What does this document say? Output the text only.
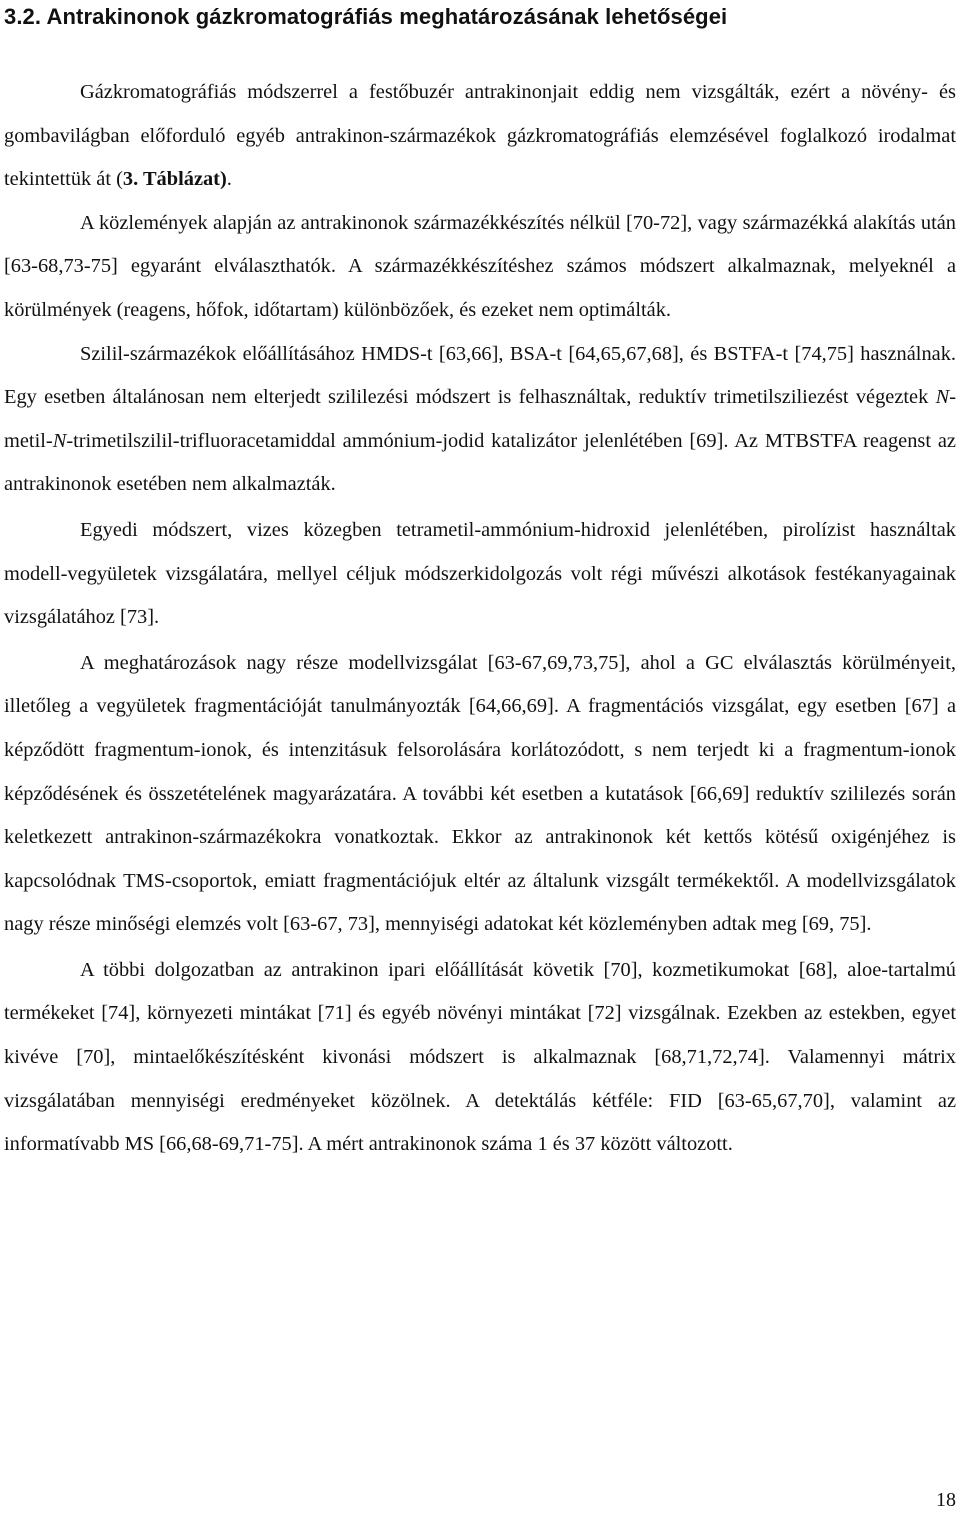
3.2. Antrakinonok gázkromatográfiás meghatározásának lehetőségei

Gázkromatográfiás módszerrel a festőbuzér antrakinonjait eddig nem vizsgálták, ezért a növény- és gombavilágban előforduló egyéb antrakinon-származékok gázkromatográfiás elemzésével foglalkozó irodalmat tekintettük át (3. Táblázat).

A közlemények alapján az antrakinonok származékkészítés nélkül [70-72], vagy származékká alakítás után [63-68,73-75] egyaránt elválaszthatók. A származékkészítéshez számos módszert alkalmaznak, melyeknél a körülmények (reagens, hőfok, időtartam) különbözőek, és ezeket nem optimálták.

Szilil-származékok előállításához HMDS-t [63,66], BSA-t [64,65,67,68], és BSTFA-t [74,75] használnak. Egy esetben általánosan nem elterjedt szililezési módszert is felhasználtak, reduktív trimetilsziliezést végeztek N-metil-N-trimetilszilil-trifluoracetamiddal ammónium-jodid katalizátor jelenlétében [69]. Az MTBSTFA reagenst az antrakinonok esetében nem alkalmazták.

Egyedi módszert, vizes közegben tetrametil-ammónium-hidroxid jelenlétében, pirolízist használtak modell-vegyületek vizsgálatára, mellyel céljuk módszerkidolgozás volt régi művészi alkotások festékanyagainak vizsgálatához [73].

A meghatározások nagy része modellvizsgálat [63-67,69,73,75], ahol a GC elválasztás körülményeit, illetőleg a vegyületek fragmentációját tanulmányozták [64,66,69]. A fragmentációs vizsgálat, egy esetben [67] a képződött fragmentum-ionok, és intenzitásuk felsorolására korlátozódott, s nem terjedt ki a fragmentum-ionok képződésének és összetételének magyarázatára. A további két esetben a kutatások [66,69] reduktív szililezés során keletkezett antrakinon-származékokra vonatkoztak. Ekkor az antrakinonok két kettős kötésű oxigénjéhez is kapcsolódnak TMS-csoportok, emiatt fragmentációjuk eltér az általunk vizsgált termékektől. A modellvizsgálatok nagy része minőségi elemzés volt [63-67, 73], mennyiségi adatokat két közleményben adtak meg [69, 75].

A többi dolgozatban az antrakinon ipari előállítását követik [70], kozmetikumokat [68], aloe-tartalmú termékeket [74], környezeti mintákat [71] és egyéb növényi mintákat [72] vizsgálnak. Ezekben az estekben, egyet kivéve [70], mintaelőkészítésként kivonási módszert is alkalmaznak [68,71,72,74]. Valamennyi mátrix vizsgálatában mennyiségi eredményeket közölnek. A detektálás kétféle: FID [63-65,67,70], valamint az informatívabb MS [66,68-69,71-75]. A mért antrakinonok száma 1 és 37 között változott.

18
